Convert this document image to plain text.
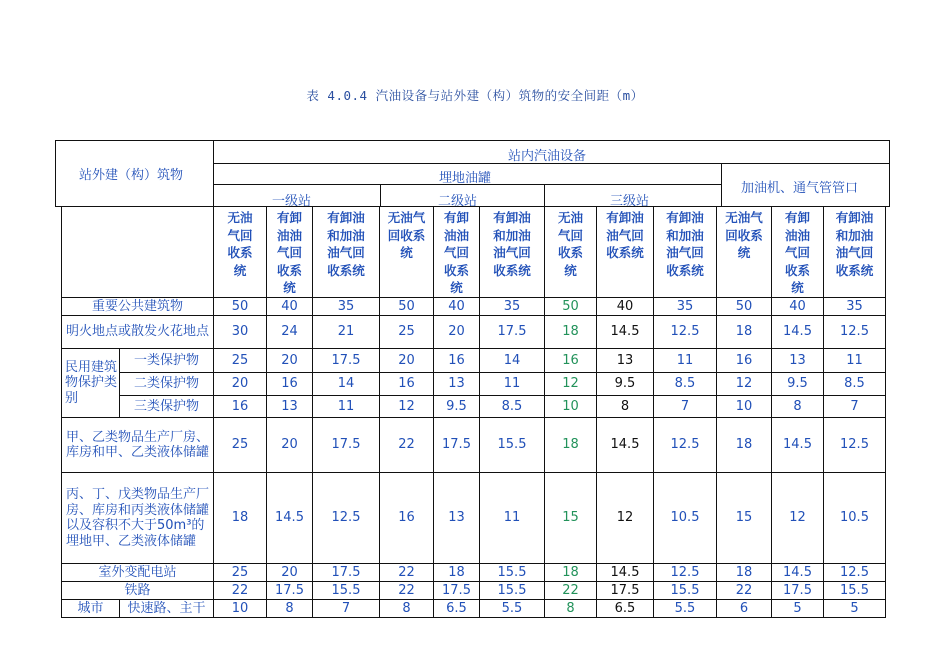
表 4.0.4 汽油设备与站外建（构）筑物的安全间距（m）
站外建（构）筑物
站内汽油设备
埋地油罐
加油机、通气管管口
一级站	二级站	三级站
		无油
气回
收系
统	有卸
油油
气回
收系
统	有卸油
和加油
油气回
收系统	无油气
回收系
统	有卸
油油
气回
收系
统	有卸油
和加油
油气回
收系统	无油
气回
收系
统	有卸油
油气回
收系统	有卸油
和加油
油气回
收系统	无油气
回收系
统	有卸
油油
气回
收系
统	有卸油
和加油
油气回
收系统
重要公共建筑物		50	40	35	50	40	35	50	40	35	50	40	35
明火地点或散发火花地点		30	24	21	25	20	17.5	18	14.5	12.5	18	14.5	12.5
民用建筑物保护类别	一类保护物	25	20	17.5	20	16	14	16	13	11	16	13	11
	二类保护物	20	16	14	16	13	11	12	9.5	8.5	12	9.5	8.5
	三类保护物	16	13	11	12	9.5	8.5	10	8	7	10	8	7
甲、乙类物品生产厂房、 库房和甲、乙类液体储罐		25	20	17.5	22	17.5	15.5	18	14.5	12.5	18	14.5	12.5
丙、丁、戊类物品生产厂房、库房和丙类液体储罐以及容积不大于50m³的埋地甲、乙类液体储罐		18	14.5	12.5	16	13	11	15	12	10.5	15	12	10.5
室外变配电站		25	20	17.5	22	18	15.5	18	14.5	12.5	18	14.5	12.5
铁路		22	17.5	15.5	22	17.5	15.5	22	17.5	15.5	22	17.5	15.5
城市	快速路、主干	10	8	7	8	6.5	5.5	8	6.5	5.5	6	5	5
